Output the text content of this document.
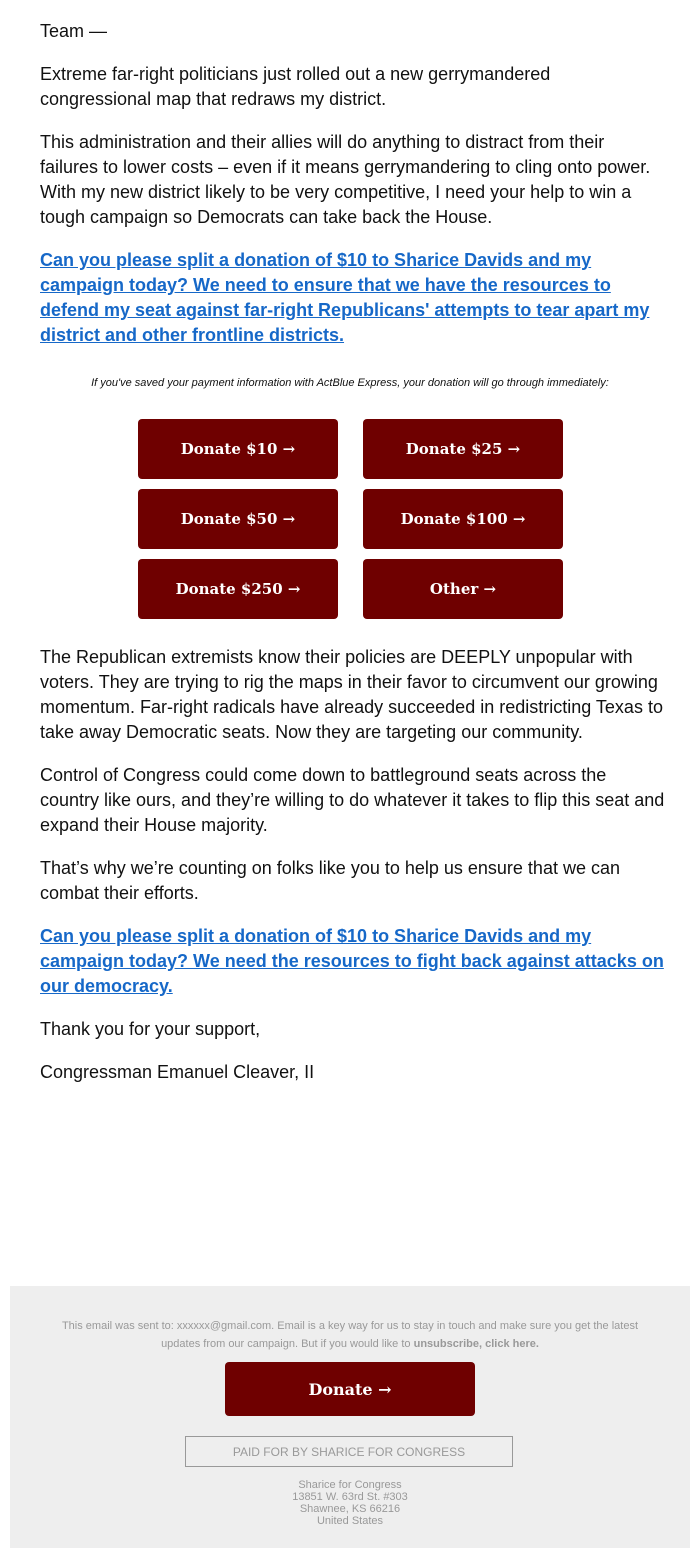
Team —

Extreme far-right politicians just rolled out a new gerrymandered congressional map that redraws my district.

This administration and their allies will do anything to distract from their failures to lower costs – even if it means gerrymandering to cling onto power. With my new district likely to be very competitive, I need your help to win a tough campaign so Democrats can take back the House.

Can you please split a donation of $10 to Sharice Davids and my campaign today? We need to ensure that we have the resources to defend my seat against far-right Republicans' attempts to tear apart my district and other frontline districts.

If you've saved your payment information with ActBlue Express, your donation will go through immediately:
Donate $10 →	Donate $25 →
Donate $50 →	Donate $100 →
Donate $250 →	Other →

The Republican extremists know their policies are DEEPLY unpopular with voters. They are trying to rig the maps in their favor to circumvent our growing momentum. Far-right radicals have already succeeded in redistricting Texas to take away Democratic seats. Now they are targeting our community.

Control of Congress could come down to battleground seats across the country like ours, and they’re willing to do whatever it takes to flip this seat and expand their House majority.

That’s why we’re counting on folks like you to help us ensure that we can combat their efforts.

Can you please split a donation of $10 to Sharice Davids and my campaign today? We need the resources to fight back against attacks on our democracy.

Thank you for your support,

Congressman Emanuel Cleaver, II

This email was sent to: xxxxxx@gmail.com. Email is a key way for us to stay in touch and make sure you get the latest updates from our campaign. But if you would like to unsubscribe, click here.
Donate →
PAID FOR BY SHARICE FOR CONGRESS
Sharice for Congress
13851 W. 63rd St. #303
Shawnee, KS 66216
United States
